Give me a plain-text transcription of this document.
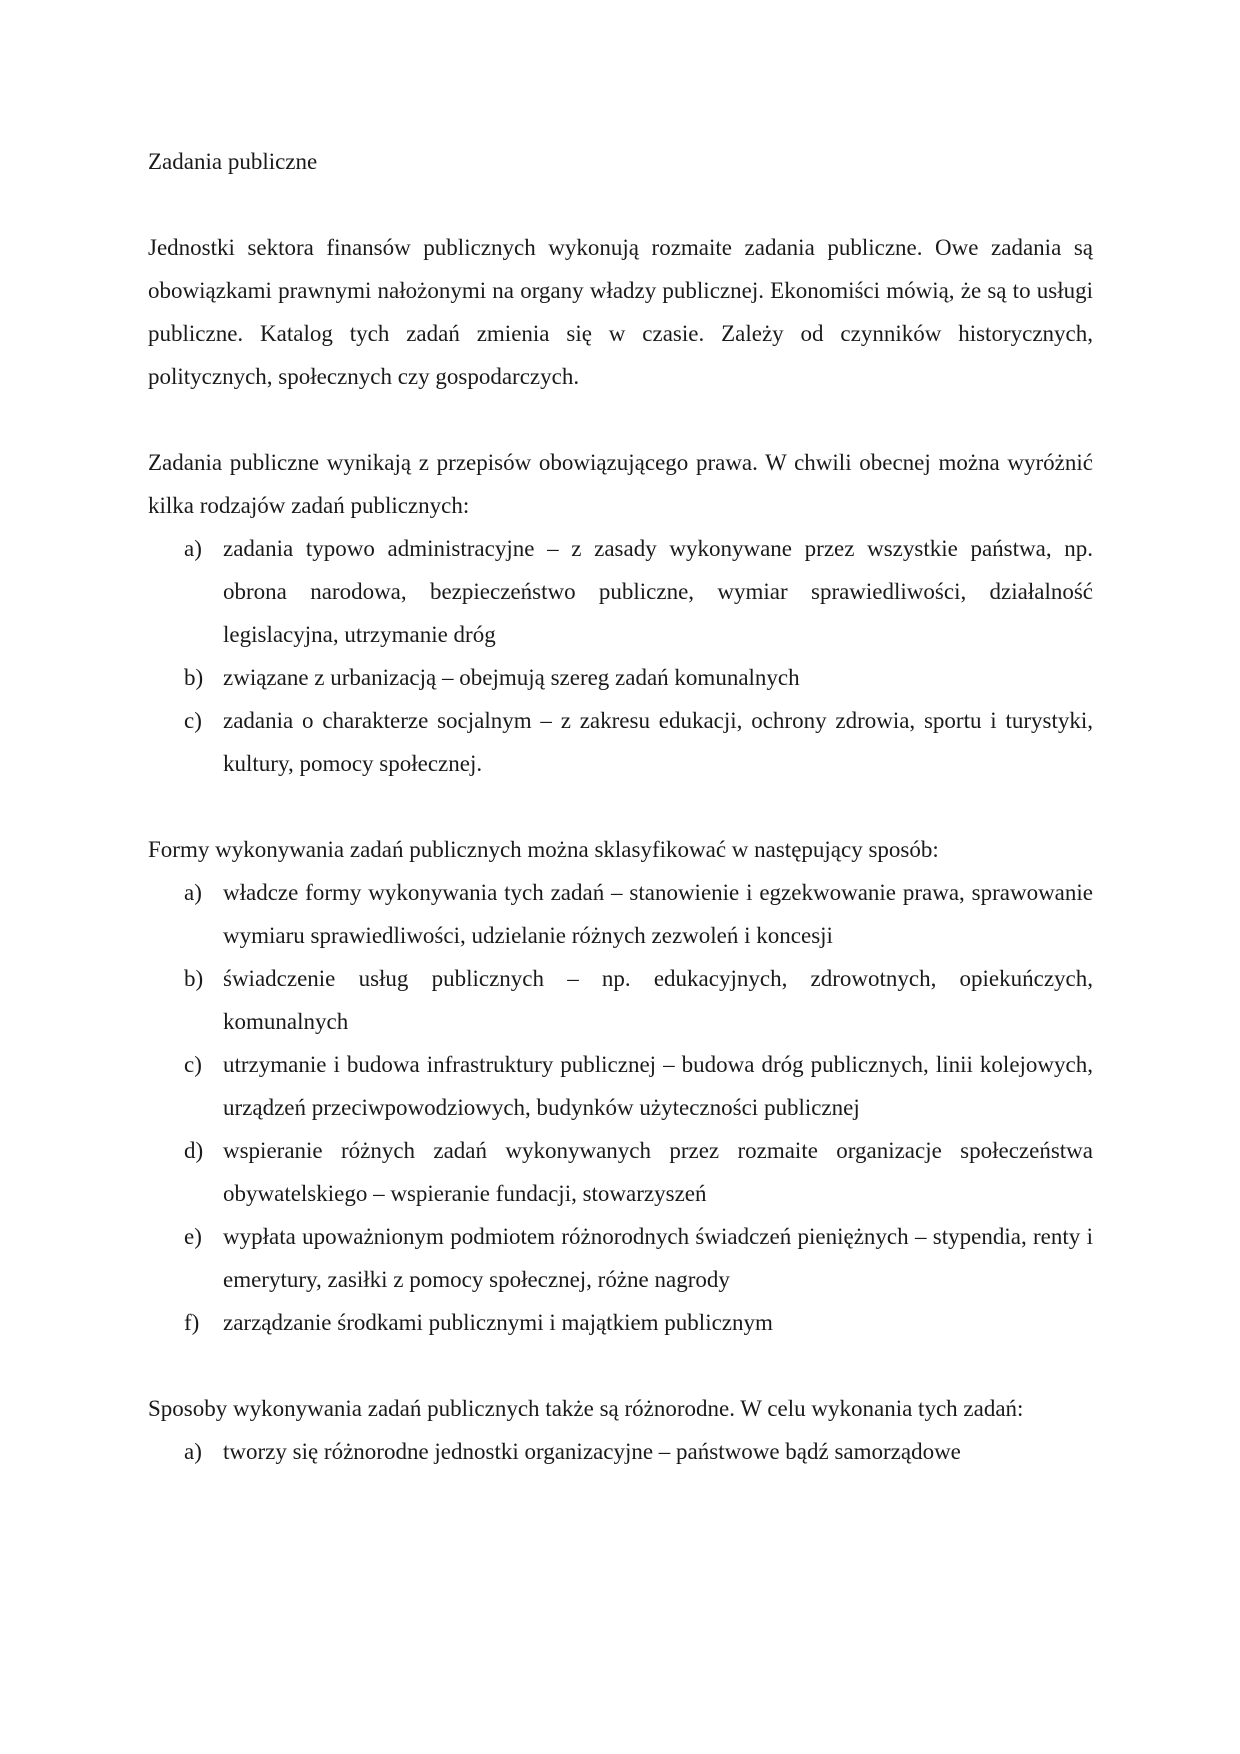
Zadania publiczne

Jednostki sektora finansów publicznych wykonują rozmaite zadania publiczne. Owe zadania są obowiązkami prawnymi nałożonymi na organy władzy publicznej. Ekonomiści mówią, że są to usługi publiczne. Katalog tych zadań zmienia się w czasie. Zależy od czynników historycznych, politycznych, społecznych czy gospodarczych.

Zadania publiczne wynikają z przepisów obowiązującego prawa. W chwili obecnej można wyróżnić kilka rodzajów zadań publicznych:

a) zadania typowo administracyjne – z zasady wykonywane przez wszystkie państwa, np. obrona narodowa, bezpieczeństwo publiczne, wymiar sprawiedliwości, działalność legislacyjna, utrzymanie dróg
b) związane z urbanizacją – obejmują szereg zadań komunalnych
c) zadania o charakterze socjalnym – z zakresu edukacji, ochrony zdrowia, sportu i turystyki, kultury, pomocy społecznej.

Formy wykonywania zadań publicznych można sklasyfikować w następujący sposób:

a) władcze formy wykonywania tych zadań – stanowienie i egzekwowanie prawa, sprawowanie wymiaru sprawiedliwości, udzielanie różnych zezwoleń i koncesji
b) świadczenie usług publicznych – np. edukacyjnych, zdrowotnych, opiekuńczych, komunalnych
c) utrzymanie i budowa infrastruktury publicznej – budowa dróg publicznych, linii kolejowych, urządzeń przeciwpowodziowych, budynków użyteczności publicznej
d) wspieranie różnych zadań wykonywanych przez rozmaite organizacje społeczeństwa obywatelskiego – wspieranie fundacji, stowarzyszeń
e) wypłata upoważnionym podmiotem różnorodnych świadczeń pieniężnych – stypendia, renty i emerytury, zasiłki z pomocy społecznej, różne nagrody
f) zarządzanie środkami publicznymi i majątkiem publicznym

Sposoby wykonywania zadań publicznych także są różnorodne. W celu wykonania tych zadań:

a) tworzy się różnorodne jednostki organizacyjne – państwowe bądź samorządowe
